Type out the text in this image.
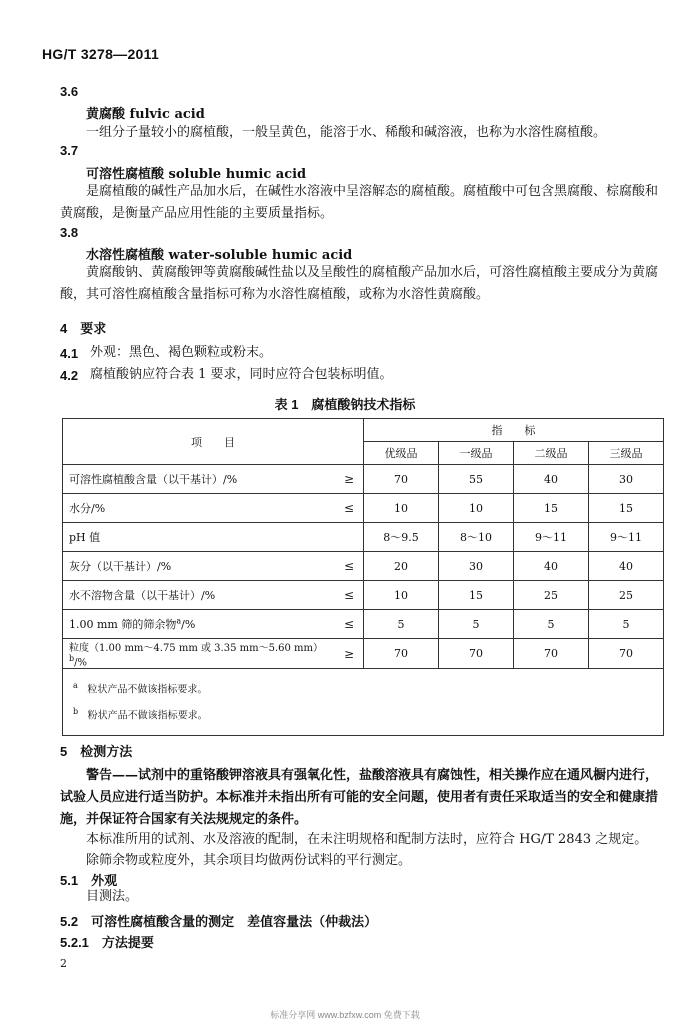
HG/T 3278—2011
3.6
黄腐酸 fulvic acid
一组分子量较小的腐植酸，一般呈黄色，能溶于水、稀酸和碱溶液，也称为水溶性腐植酸。
3.7
可溶性腐植酸 soluble humic acid
是腐植酸的碱性产品加水后，在碱性水溶液中呈溶解态的腐植酸。腐植酸中可包含黑腐酸、棕腐酸和黄腐酸，是衡量产品应用性能的主要质量指标。
3.8
水溶性腐植酸 water-soluble humic acid
黄腐酸钠、黄腐酸钾等黄腐酸碱性盐以及呈酸性的腐植酸产品加水后，可溶性腐植酸主要成分为黄腐酸，其可溶性腐植酸含量指标可称为水溶性腐植酸，或称为水溶性黄腐酸。
4　要求
4.1 外观：黑色、褐色颗粒或粉末。
4.2 腐植酸钠应符合表 1 要求，同时应符合包装标明值。
表 1　腐植酸钠技术指标
项　　目		指　　标			
		优级品	一级品	二级品	三级品
可溶性腐植酸含量（以干基计）/%	≥	70	55	40	30
水分/%	≤	10	10	15	15
pH 值		8～9.5	8～10	9～11	9～11
灰分（以干基计）/%	≤	20	30	40	40
水不溶物含量（以干基计）/%	≤	10	15	25	25
1.00 mm 筛的筛余物$^a$/%	≤	5	5	5	5
粒度（1.00 mm～4.75 mm 或 3.35 mm～5.60 mm）$^b$/%	≥	70	70	70	70

$^a$ 粒状产品不做该指标要求。
$^b$ 粉状产品不做该指标要求。					
5　检测方法
警告——试剂中的重铬酸钾溶液具有强氧化性，盐酸溶液具有腐蚀性，相关操作应在通风橱内进行，试验人员应进行适当防护。本标准并未指出所有可能的安全问题，使用者有责任采取适当的安全和健康措施，并保证符合国家有关法规规定的条件。
本标准所用的试剂、水及溶液的配制，在未注明规格和配制方法时，应符合 HG/T 2843 之规定。
除筛余物或粒度外，其余项目均做两份试料的平行测定。
5.1　外观
目测法。
5.2　可溶性腐植酸含量的测定　差值容量法（仲裁法）
5.2.1　方法提要
2
标准分享网 www.bzfxw.com 免费下载
